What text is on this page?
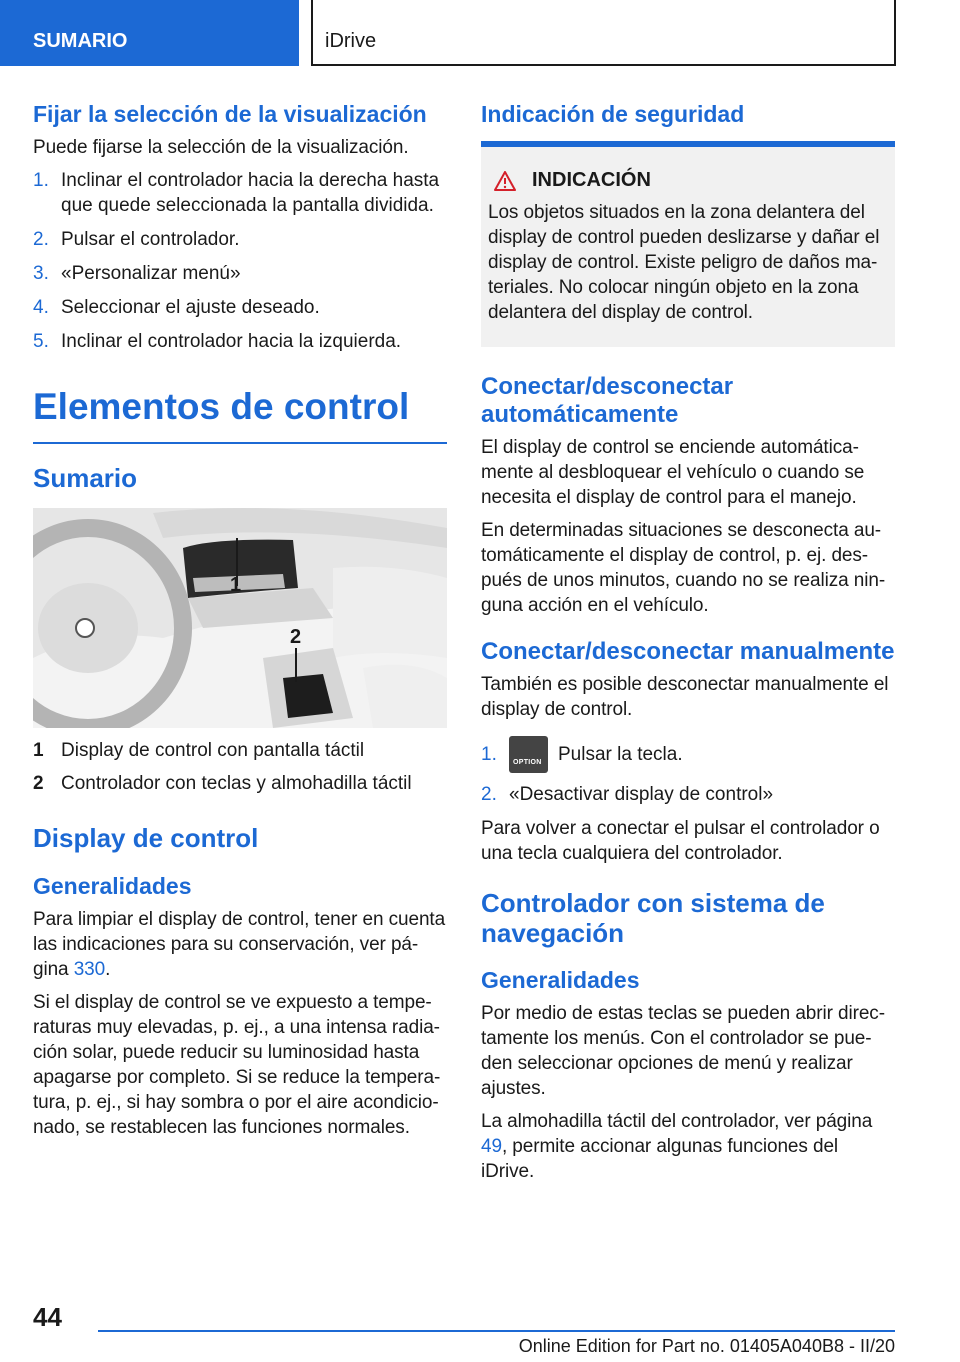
SUMARIO	iDrive
Fijar la selección de la visualización

Puede fijarse la selección de la visualización.

1. Inclinar el controlador hacia la derecha hasta que quede seleccionada la pantalla dividida.
2. Pulsar el controlador.
3. «Personalizar menú»
4. Seleccionar el ajuste deseado.
5. Inclinar el controlador hacia la izquierda.
Elementos de control
Sumario
1
2
1 Display de control con pantalla táctil
2 Controlador con teclas y almohadilla táctil
Display de control
Generalidades

Para limpiar el display de control, tener en cuenta las indicaciones para su conservación, ver página 330.

Si el display de control se ve expuesto a temperaturas muy elevadas, p. ej., a una intensa radiación solar, puede reducir su luminosidad hasta apagarse por completo. Si se reduce la temperatura, p. ej., si hay sombra o por el aire acondicionado, se restablecen las funciones normales.

Indicación de seguridad
INDICACIÓN

Los objetos situados en la zona delantera del display de control pueden deslizarse y dañar el display de control. Existe peligro de daños materiales. No colocar ningún objeto en la zona delantera del display de control.

Conectar/desconectar automáticamente

El display de control se enciende automáticamente al desbloquear el vehículo o cuando se necesita el display de control para el manejo.

En determinadas situaciones se desconecta automáticamente el display de control, p. ej. después de unos minutos, cuando no se realiza ninguna acción en el vehículo.

Conectar/desconectar manualmente

También es posible desconectar manualmente el display de control.

1.	OPTION Pulsar la tecla.
2. «Desactivar display de control»

Para volver a conectar el pulsar el controlador o una tecla cualquiera del controlador.

Controlador con sistema de navegación
Generalidades

Por medio de estas teclas se pueden abrir directamente los menús. Con el controlador se pueden seleccionar opciones de menú y realizar ajustes.

La almohadilla táctil del controlador, ver página 49, permite accionar algunas funciones del iDrive.

44
Online Edition for Part no. 01405A040B8 - II/20
